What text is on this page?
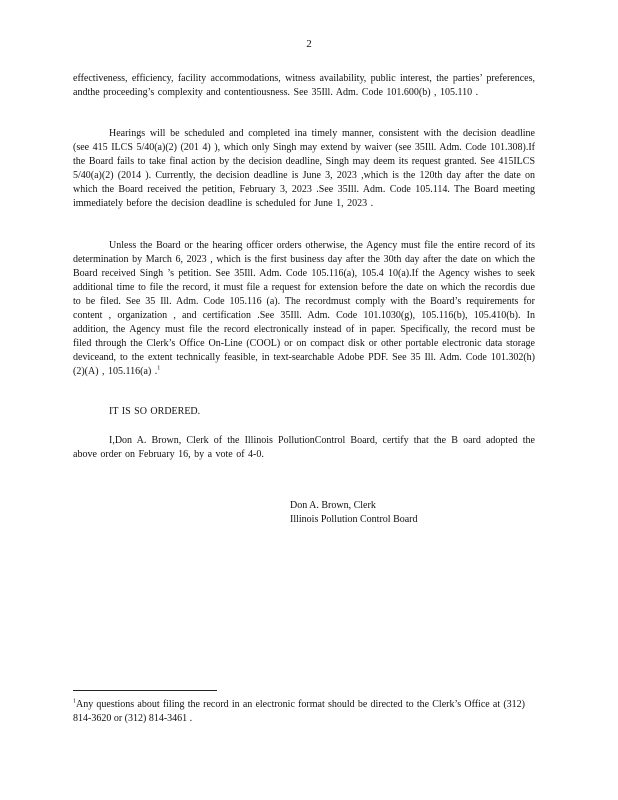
2

effectiveness, efficiency, facility accommodations, witness availability, public interest, the parties’ preferences, andthe proceeding’s complexity and contentiousness. See 35Ill. Adm. Code 101.600(b) , 105.110 .

Hearings will be scheduled and completed ina timely manner, consistent with the decision deadline (see 415 ILCS 5/40(a)(2) (201 4) ), which only Singh may extend by waiver (see 35Ill. Adm. Code 101.308).If the Board fails to take final action by the decision deadline, Singh may deem its request granted. See 415ILCS 5/40(a)(2) (2014 ). Currently, the decision deadline is June 3, 2023 ,which is the 120th day after the date on which the Board received the petition, February 3, 2023 .See 35Ill. Adm. Code 105.114. The Board meeting immediately before the decision deadline is scheduled for June 1, 2023 .

Unless the Board or the hearing officer orders otherwise, the Agency must file the entire record of its determination by March 6, 2023 , which is the first business day after the 30th day after the date on which the Board received Singh ’s petition. See 35Ill. Adm. Code 105.116(a), 105.4 10(a).If the Agency wishes to seek additional time to file the record, it must file a request for extension before the date on which the recordis due to be filed. See 35 Ill. Adm. Code 105.116 (a). The recordmust comply with the Board’s requirements for content , organization , and certification .See 35Ill. Adm. Code 101.1030(g), 105.116(b), 105.410(b). In addition, the Agency must file the record electronically instead of in paper. Specifically, the record must be filed through the Clerk’s Office On-Line (COOL) or on compact disk or other portable electronic data storage deviceand, to the extent technically feasible, in text-searchable Adobe PDF. See 35 Ill. Adm. Code 101.302(h)(2)(A) , 105.116(a) .$^1$

IT IS SO ORDERED.

I,Don A. Brown, Clerk of the Illinois PollutionControl Board, certify that the B oard adopted the above order on February 16, by a vote of 4-0.

Don A. Brown, Clerk
Illinois Pollution Control Board

$^1$Any questions about filing the record in an electronic format should be directed to the Clerk’s Office at (312) 814-3620 or (312) 814-3461 .
